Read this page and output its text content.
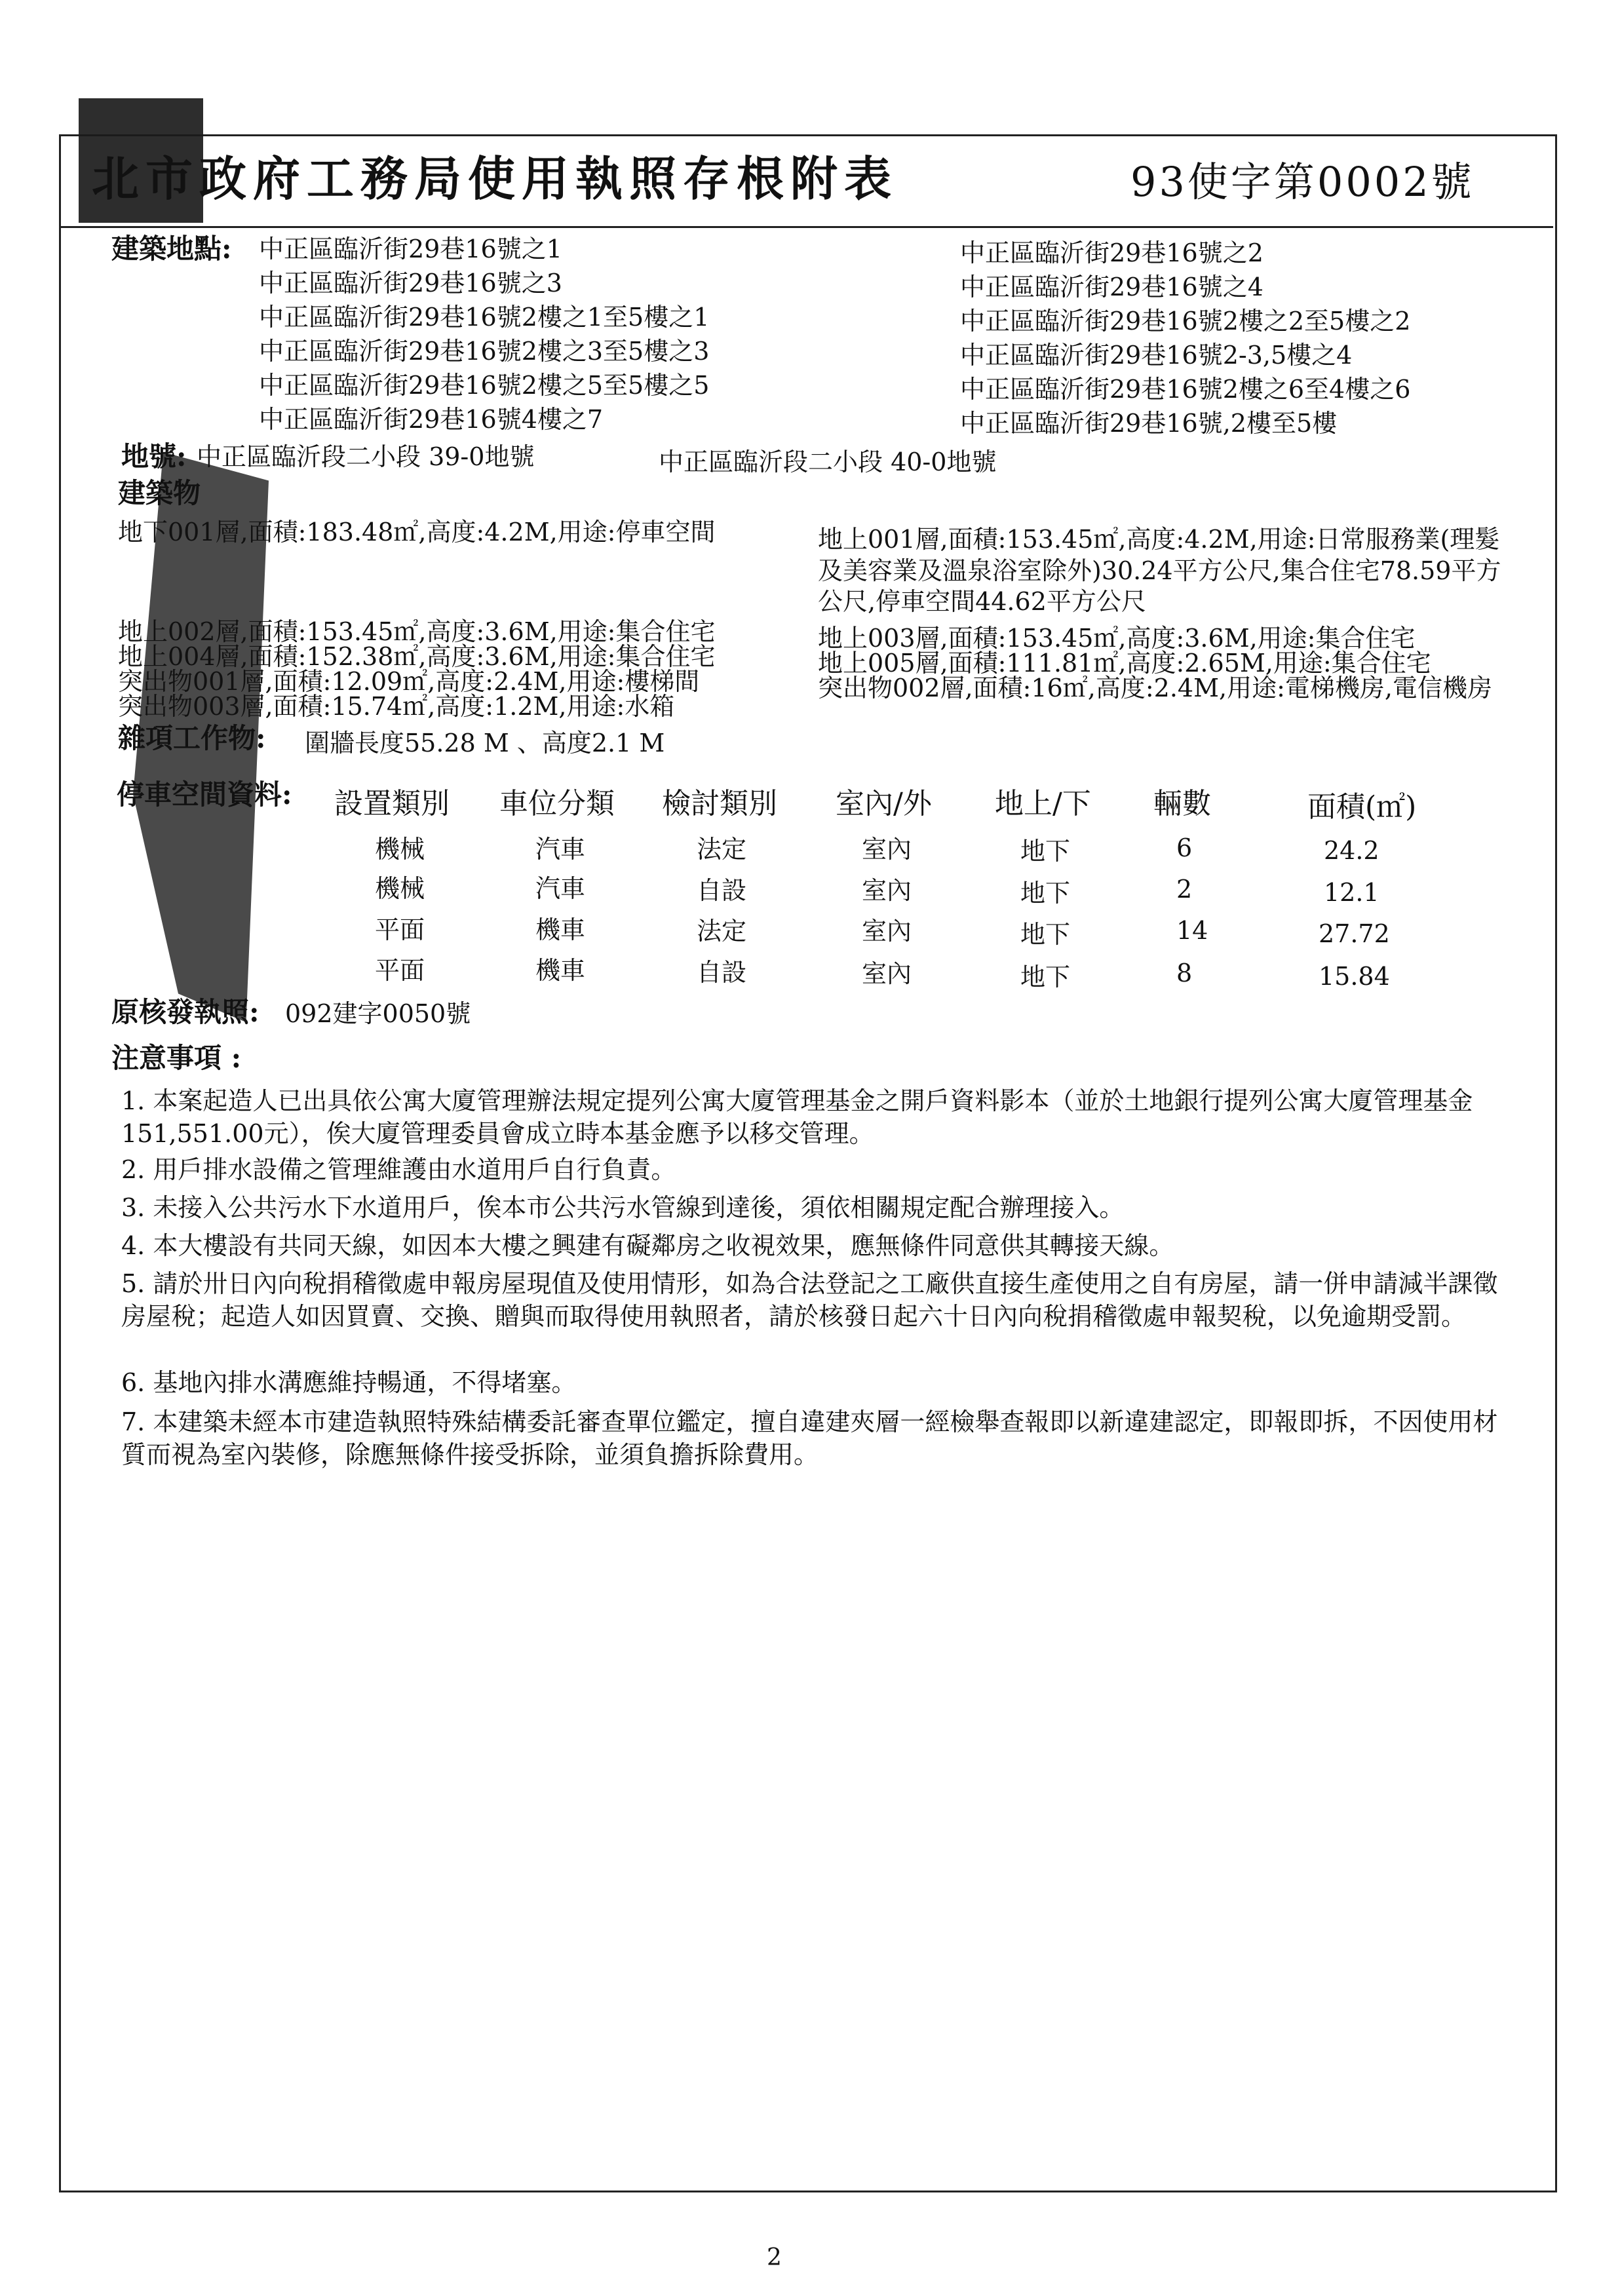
北市政府工務局使用執照存根附表	93使字第0002號
建築地點: 中正區臨沂街29巷16號之1
中正區臨沂街29巷16號之3
中正區臨沂街29巷16號2樓之1至5樓之1
中正區臨沂街29巷16號2樓之3至5樓之3
中正區臨沂街29巷16號2樓之5至5樓之5
中正區臨沂街29巷16號4樓之7
中正區臨沂街29巷16號之2
中正區臨沂街29巷16號之4
中正區臨沂街29巷16號2樓之2至5樓之2
中正區臨沂街29巷16號2-3,5樓之4
中正區臨沂街29巷16號2樓之6至4樓之6
中正區臨沂街29巷16號,2樓至5樓
地號: 中正區臨沂段二小段 39-0地號	中正區臨沂段二小段 40-0地號
建築物
地下001層,面積:183.48㎡,高度:4.2M,用途:停車空間
地上002層,面積:153.45㎡,高度:3.6M,用途:集合住宅
地上004層,面積:152.38㎡,高度:3.6M,用途:集合住宅
突出物001層,面積:12.09㎡,高度:2.4M,用途:樓梯間
突出物003層,面積:15.74㎡,高度:1.2M,用途:水箱
地上001層,面積:153.45㎡,高度:4.2M,用途:日常服務業(理髮及美容業及溫泉浴室除外)30.24平方公尺,集合住宅78.59平方公尺,停車空間44.62平方公尺
地上003層,面積:153.45㎡,高度:3.6M,用途:集合住宅
地上005層,面積:111.81㎡,高度:2.65M,用途:集合住宅
突出物002層,面積:16㎡,高度:2.4M,用途:電梯機房,電信機房
雜項工作物: 圍牆長度55.28 M 、高度2.1 M
停車空間資料: 設置類別 車位分類 檢討類別 室內/外 地上/下 輛數	面積(㎡)
機械	汽車	法定	室內	地下	6	24.2
機械	汽車	自設	室內	地下	2	12.1
平面	機車	法定	室內	地下	14	27.72
平面	機車	自設	室內	地下	8	15.84
原核發執照: 092建字0050號
注意事項 :
1. 本案起造人已出具依公寓大廈管理辦法規定提列公寓大廈管理基金之開戶資料影本（並於土地銀行提列公寓大廈管理基金151,551.00元），俟大廈管理委員會成立時本基金應予以移交管理。
2. 用戶排水設備之管理維護由水道用戶自行負責。
3. 未接入公共污水下水道用戶，俟本市公共污水管線到達後，須依相關規定配合辦理接入。
4. 本大樓設有共同天線，如因本大樓之興建有礙鄰房之收視效果，應無條件同意供其轉接天線。
5. 請於卅日內向稅捐稽徵處申報房屋現值及使用情形，如為合法登記之工廠供直接生產使用之自有房屋，請一併申請減半課徵房屋稅；起造人如因買賣、交換、贈與而取得使用執照者，請於核發日起六十日內向稅捐稽徵處申報契稅，以免逾期受罰。
6. 基地內排水溝應維持暢通，不得堵塞。
7. 本建築未經本市建造執照特殊結構委託審查單位鑑定，擅自違建夾層一經檢舉查報即以新違建認定，即報即拆，不因使用材質而視為室內裝修，除應無條件接受拆除，並須負擔拆除費用。
2
